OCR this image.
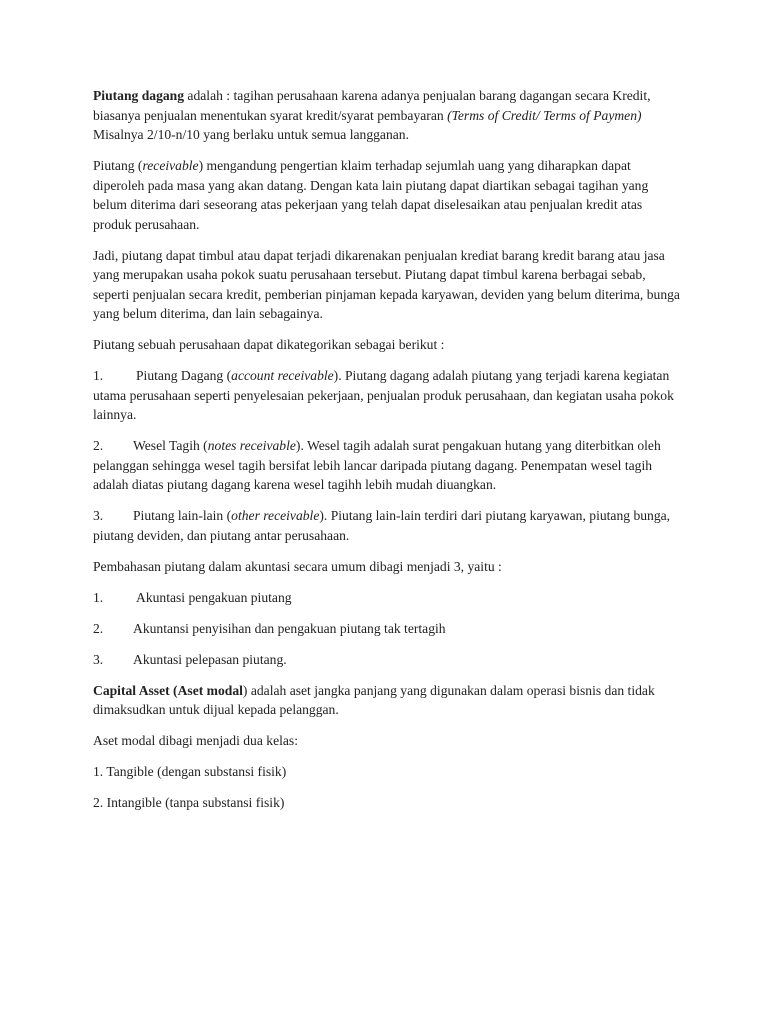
Piutang dagang adalah : tagihan perusahaan karena adanya penjualan barang dagangan secara Kredit, biasanya penjualan menentukan syarat kredit/syarat pembayaran (Terms of Credit/ Terms of Paymen) Misalnya 2/10-n/10 yang berlaku untuk semua langganan.

Piutang (receivable) mengandung pengertian klaim terhadap sejumlah uang yang diharapkan dapat diperoleh pada masa yang akan datang. Dengan kata lain piutang dapat diartikan sebagai tagihan yang belum diterima dari seseorang atas pekerjaan yang telah dapat diselesaikan atau penjualan kredit atas produk perusahaan.

Jadi, piutang dapat timbul atau dapat terjadi dikarenakan penjualan krediat barang kredit barang atau jasa yang merupakan usaha pokok suatu perusahaan tersebut. Piutang dapat timbul karena berbagai sebab, seperti penjualan secara kredit, pemberian pinjaman kepada karyawan, deviden yang belum diterima, bunga yang belum diterima, dan lain sebagainya.

Piutang sebuah perusahaan dapat dikategorikan sebagai berikut :

1. Piutang Dagang (account receivable). Piutang dagang adalah piutang yang terjadi karena kegiatan utama perusahaan seperti penyelesaian pekerjaan, penjualan produk perusahaan, dan kegiatan usaha pokok lainnya.

2. Wesel Tagih (notes receivable). Wesel tagih adalah surat pengakuan hutang yang diterbitkan oleh pelanggan sehingga wesel tagih bersifat lebih lancar daripada piutang dagang. Penempatan wesel tagih adalah diatas piutang dagang karena wesel tagihh lebih mudah diuangkan.

3. Piutang lain-lain (other receivable). Piutang lain-lain terdiri dari piutang karyawan, piutang bunga, piutang deviden, dan piutang antar perusahaan.

Pembahasan piutang dalam akuntasi secara umum dibagi menjadi 3, yaitu :

1.	Akuntasi pengakuan piutang
2.	Akuntansi penyisihan dan pengakuan piutang tak tertagih
3.	Akuntasi pelepasan piutang.

Capital Asset (Aset modal) adalah aset jangka panjang yang digunakan dalam operasi bisnis dan tidak dimaksudkan untuk dijual kepada pelanggan.

Aset modal dibagi menjadi dua kelas:

1. Tangible (dengan substansi fisik)

2. Intangible (tanpa substansi fisik)
